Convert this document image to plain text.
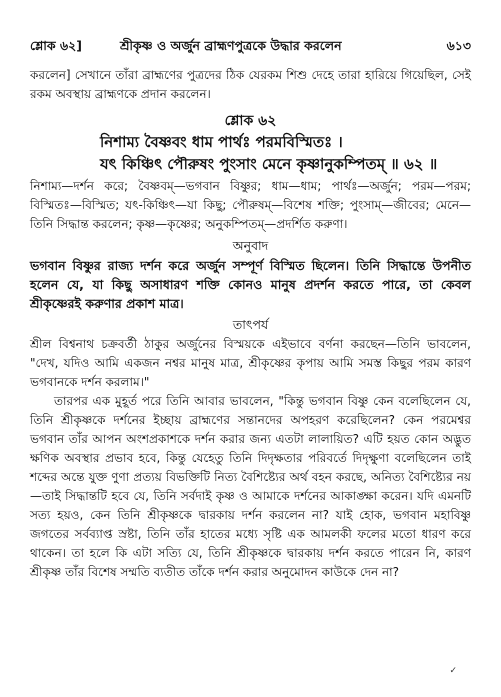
শ্লোক ৬২]	শ্রীকৃষ্ণ ও অর্জুন ব্রাহ্মণপুত্রকে উদ্ধার করলেন	৬১৩

করলেন] সেখানে তাঁরা ব্রাহ্মণের পুত্রদের ঠিক যেরকম শিশু দেহে তারা হারিয়ে গিয়েছিল, সেই রকম অবস্থায় ব্রাহ্মণকে প্রদান করলেন।

শ্লোক ৬২
নিশাম্য বৈষ্ণবং ধাম পার্থঃ পরমবিস্মিতঃ ।
যৎ কিঞ্চিৎ পৌরুষং পুংসাং মেনে কৃষ্ণানুকম্পিতম্ ॥ ৬২ ॥

নিশাম্য—দর্শন করে; বৈষ্ণবম্—ভগবান বিষ্ণুর; ধাম—ধাম; পার্থঃ—অর্জুন; পরম—পরম; বিস্মিতঃ—বিস্মিত; যৎ-কিঞ্চিৎ—যা কিছু; পৌরুষম্—বিশেষ শক্তি; পুংসাম্—জীবের; মেনে—তিনি সিদ্ধান্ত করলেন; কৃষ্ণ—কৃষ্ণের; অনুকম্পিতম্—প্রদর্শিত করুণা।

অনুবাদ

ভগবান বিষ্ণুর রাজ্য দর্শন করে অর্জুন সম্পূর্ণ বিস্মিত ছিলেন। তিনি সিদ্ধান্তে উপনীত হলেন যে, যা কিছু অসাধারণ শক্তি কোনও মানুষ প্রদর্শন করতে পারে, তা কেবল শ্রীকৃষ্ণেরই করুণার প্রকাশ মাত্র।

তাৎপর্য

শ্রীল বিশ্বনাথ চক্রবর্তী ঠাকুর অর্জুনের বিস্ময়কে এইভাবে বর্ণনা করছেন—তিনি ভাবলেন, "দেখ, যদিও আমি একজন নশ্বর মানুষ মাত্র, শ্রীকৃষ্ণের কৃপায় আমি সমস্ত কিছুর পরম কারণ ভগবানকে দর্শন করলাম।"

তারপর এক মুহূর্ত পরে তিনি আবার ভাবলেন, "কিন্তু ভগবান বিষ্ণু কেন বলেছিলেন যে, তিনি শ্রীকৃষ্ণকে দর্শনের ইচ্ছায় ব্রাহ্মণের সন্তানদের অপহরণ করেছিলেন? কেন পরমেশ্বর ভগবান তাঁর আপন অংশপ্রকাশকে দর্শন করার জন্য এতটা লালায়িত? এটি হয়ত কোন অদ্ভুত ক্ষণিক অবস্থার প্রভাব হবে, কিন্তু যেহেতু তিনি দিদৃক্ষতার পরিবর্তে দিদৃক্ষুণা বলেছিলেন তাই শব্দের অন্তে যুক্ত ণুণা প্রত্যয় বিভক্তিটি নিত্য বৈশিষ্ট্যের অর্থ বহন করছে, অনিত্য বৈশিষ্ট্যের নয়—তাই সিদ্ধান্তটি হবে যে, তিনি সর্বদাই কৃষ্ণ ও আমাকে দর্শনের আকাঙ্ক্ষা করেন। যদি এমনটি সত্য হয়ও, কেন তিনি শ্রীকৃষ্ণকে দ্বারকায় দর্শন করলেন না? যাই হোক, ভগবান মহাবিষ্ণু জগতের সর্বব্যাপ্ত স্রষ্টা, তিনি তাঁর হাতের মধ্যে সৃষ্টি এক আমলকী ফলের মতো ধারণ করে থাকেন। তা হলে কি এটা সত্যি যে, তিনি শ্রীকৃষ্ণকে দ্বারকায় দর্শন করতে পারেন নি, কারণ শ্রীকৃষ্ণ তাঁর বিশেষ সম্মতি ব্যতীত তাঁকে দর্শন করার অনুমোদন কাউকে দেন না?

✓
